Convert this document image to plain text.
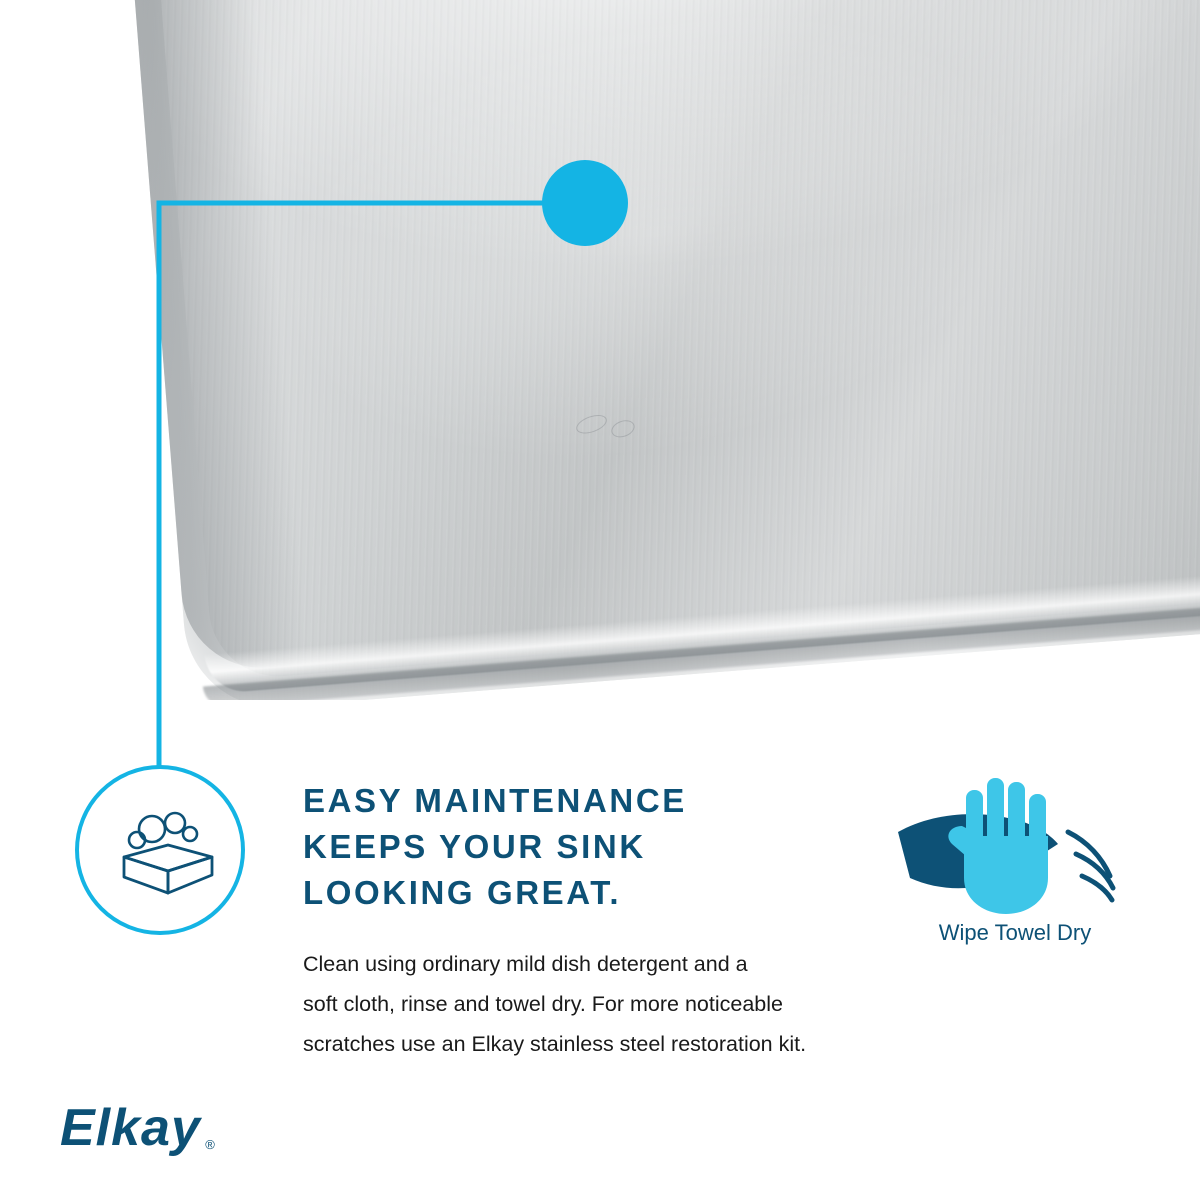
EASY MAINTENANCE
KEEPS YOUR SINK
LOOKING GREAT.
Clean using ordinary mild dish detergent and a
soft cloth, rinse and towel dry. For more noticeable
scratches use an Elkay stainless steel restoration kit.
Wipe Towel Dry
Elkay ®
